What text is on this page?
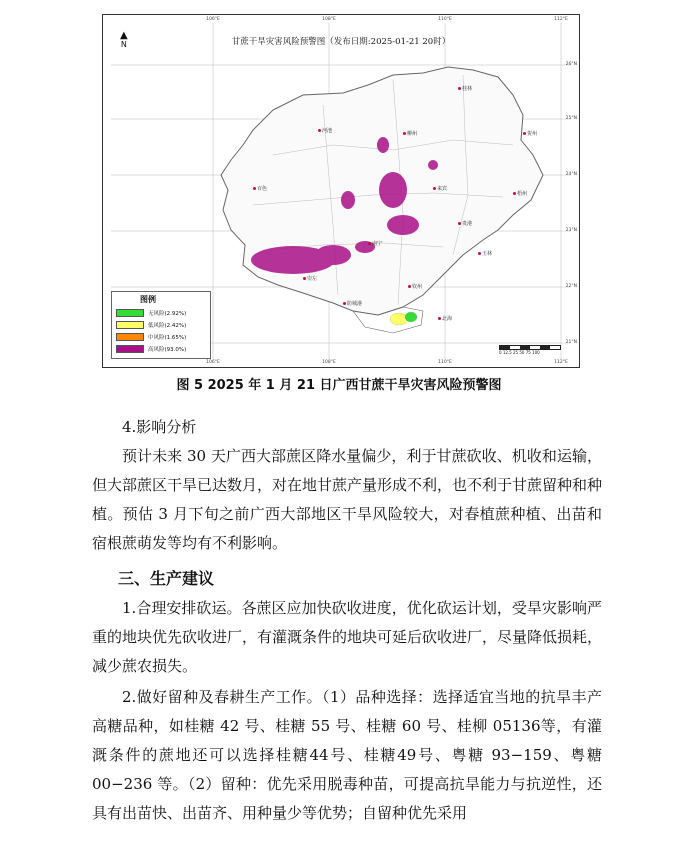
甘蔗干旱灾害风险预警图（发布日期:2025-01-21 20时）
106°E	108°E	110°E	112°E
106°E	108°E	110°E	112°E
26°N
25°N
24°N
23°N
22°N
21°N
▲
N
桂林
柳州
河池
百色
南宁
来宾
贵港
梧州
玉林
钦州
北海
防城港
崇左
贺州
图例
无风险(2.92%)
低风险(2.42%)
中风险(1.65%)
高风险(93.0%)	0 12.5 25 50 75 100
图 5 2025 年 1 月 21 日广西甘蔗干旱灾害风险预警图

4.影响分析

预计未来 30 天广西大部蔗区降水量偏少，利于甘蔗砍收、机收和运输，但大部蔗区干旱已达数月，对在地甘蔗产量形成不利，也不利于甘蔗留种和种植。预估 3 月下旬之前广西大部地区干旱风险较大，对春植蔗种植、出苗和宿根蔗萌发等均有不利影响。

三、生产建议

1.合理安排砍运。各蔗区应加快砍收进度，优化砍运计划，受旱灾影响严重的地块优先砍收进厂，有灌溉条件的地块可延后砍收进厂，尽量降低损耗，减少蔗农损失。

2.做好留种及春耕生产工作。（1）品种选择：选择适宜当地的抗旱丰产高糖品种，如桂糖 42 号、桂糖 55 号、桂糖 60 号、桂柳 05136等，有灌溉条件的蔗地还可以选择桂糖44号、桂糖49号、粤糖 93−159、粤糖 00−236 等。（2）留种：优先采用脱毒种苗，可提高抗旱能力与抗逆性，还具有出苗快、出苗齐、用种量少等优势；自留种优先采用
